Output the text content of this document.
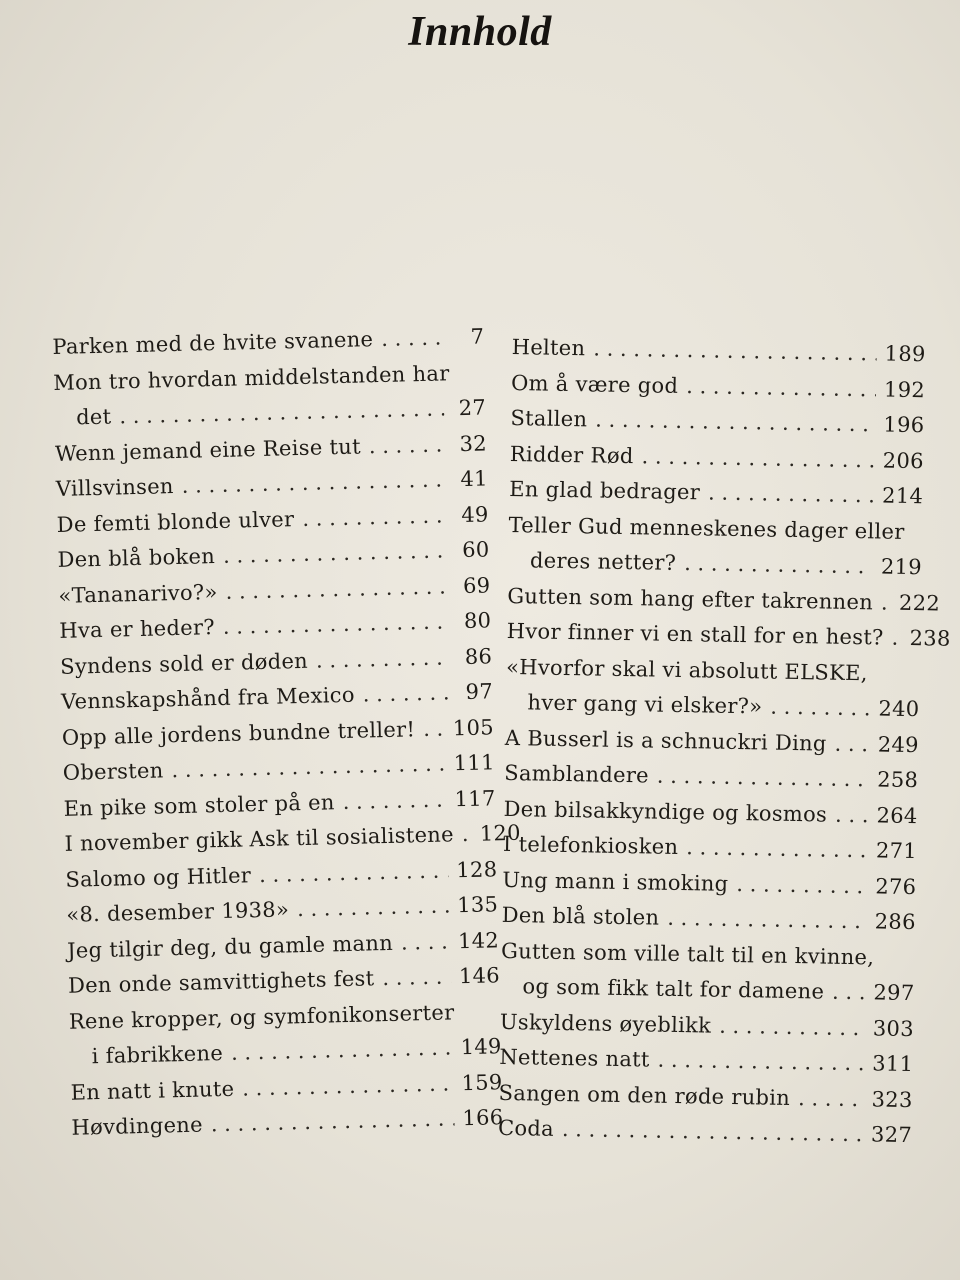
Innhold
Parken med de hvite svanene . . .	7
Mon tro hvordan middelstanden har
det . . .	27
Wenn jemand eine Reise tut . . .	32
Villsvinsen . . .	41
De femti blonde ulver . . .	49
Den blå boken . . .	60
«Tananarivo?» . . .	69
Hva er heder? . . .	80
Syndens sold er døden . . .	86
Vennskapshånd fra Mexico . . .	97
Opp alle jordens bundne treller! . . . 105
Obersten . . .	111
En pike som stoler på en . . .	117
I november gikk Ask til sosialistene . . . 120
Salomo og Hitler . . .	128
«8. desember 1938» . . .	135
Jeg tilgir deg, du gamle mann . . .	142
Den onde samvittighets fest . . .	146
Rene kropper, og symfonikonserter
i fabrikkene . . .	149
En natt i knute . . .	159
Høvdingene . . .	166
Helten . . .	189
Om å være god . . .	192
Stallen . . .	196
Ridder Rød . . .	206
En glad bedrager . . .	214
Teller Gud menneskenes dager eller
deres netter? . . .	219
Gutten som hang efter takrennen . . . 222
Hvor finner vi en stall for en hest? . . . 238
«Hvorfor skal vi absolutt ELSKE,
hver gang vi elsker?» . . .	240
A Busserl is a schnuckri Ding . . . 249
Samblandere . . .	258
Den bilsakkyndige og kosmos . . . 264
I telefonkiosken . . .	271
Ung mann i smoking . . .	276
Den blå stolen . . .	286
Gutten som ville talt til en kvinne,
og som fikk talt for damene . . . 297
Uskyldens øyeblikk . . .	303
Nettenes natt . . .	311
Sangen om den røde rubin . . .	323
Coda . . .	327
